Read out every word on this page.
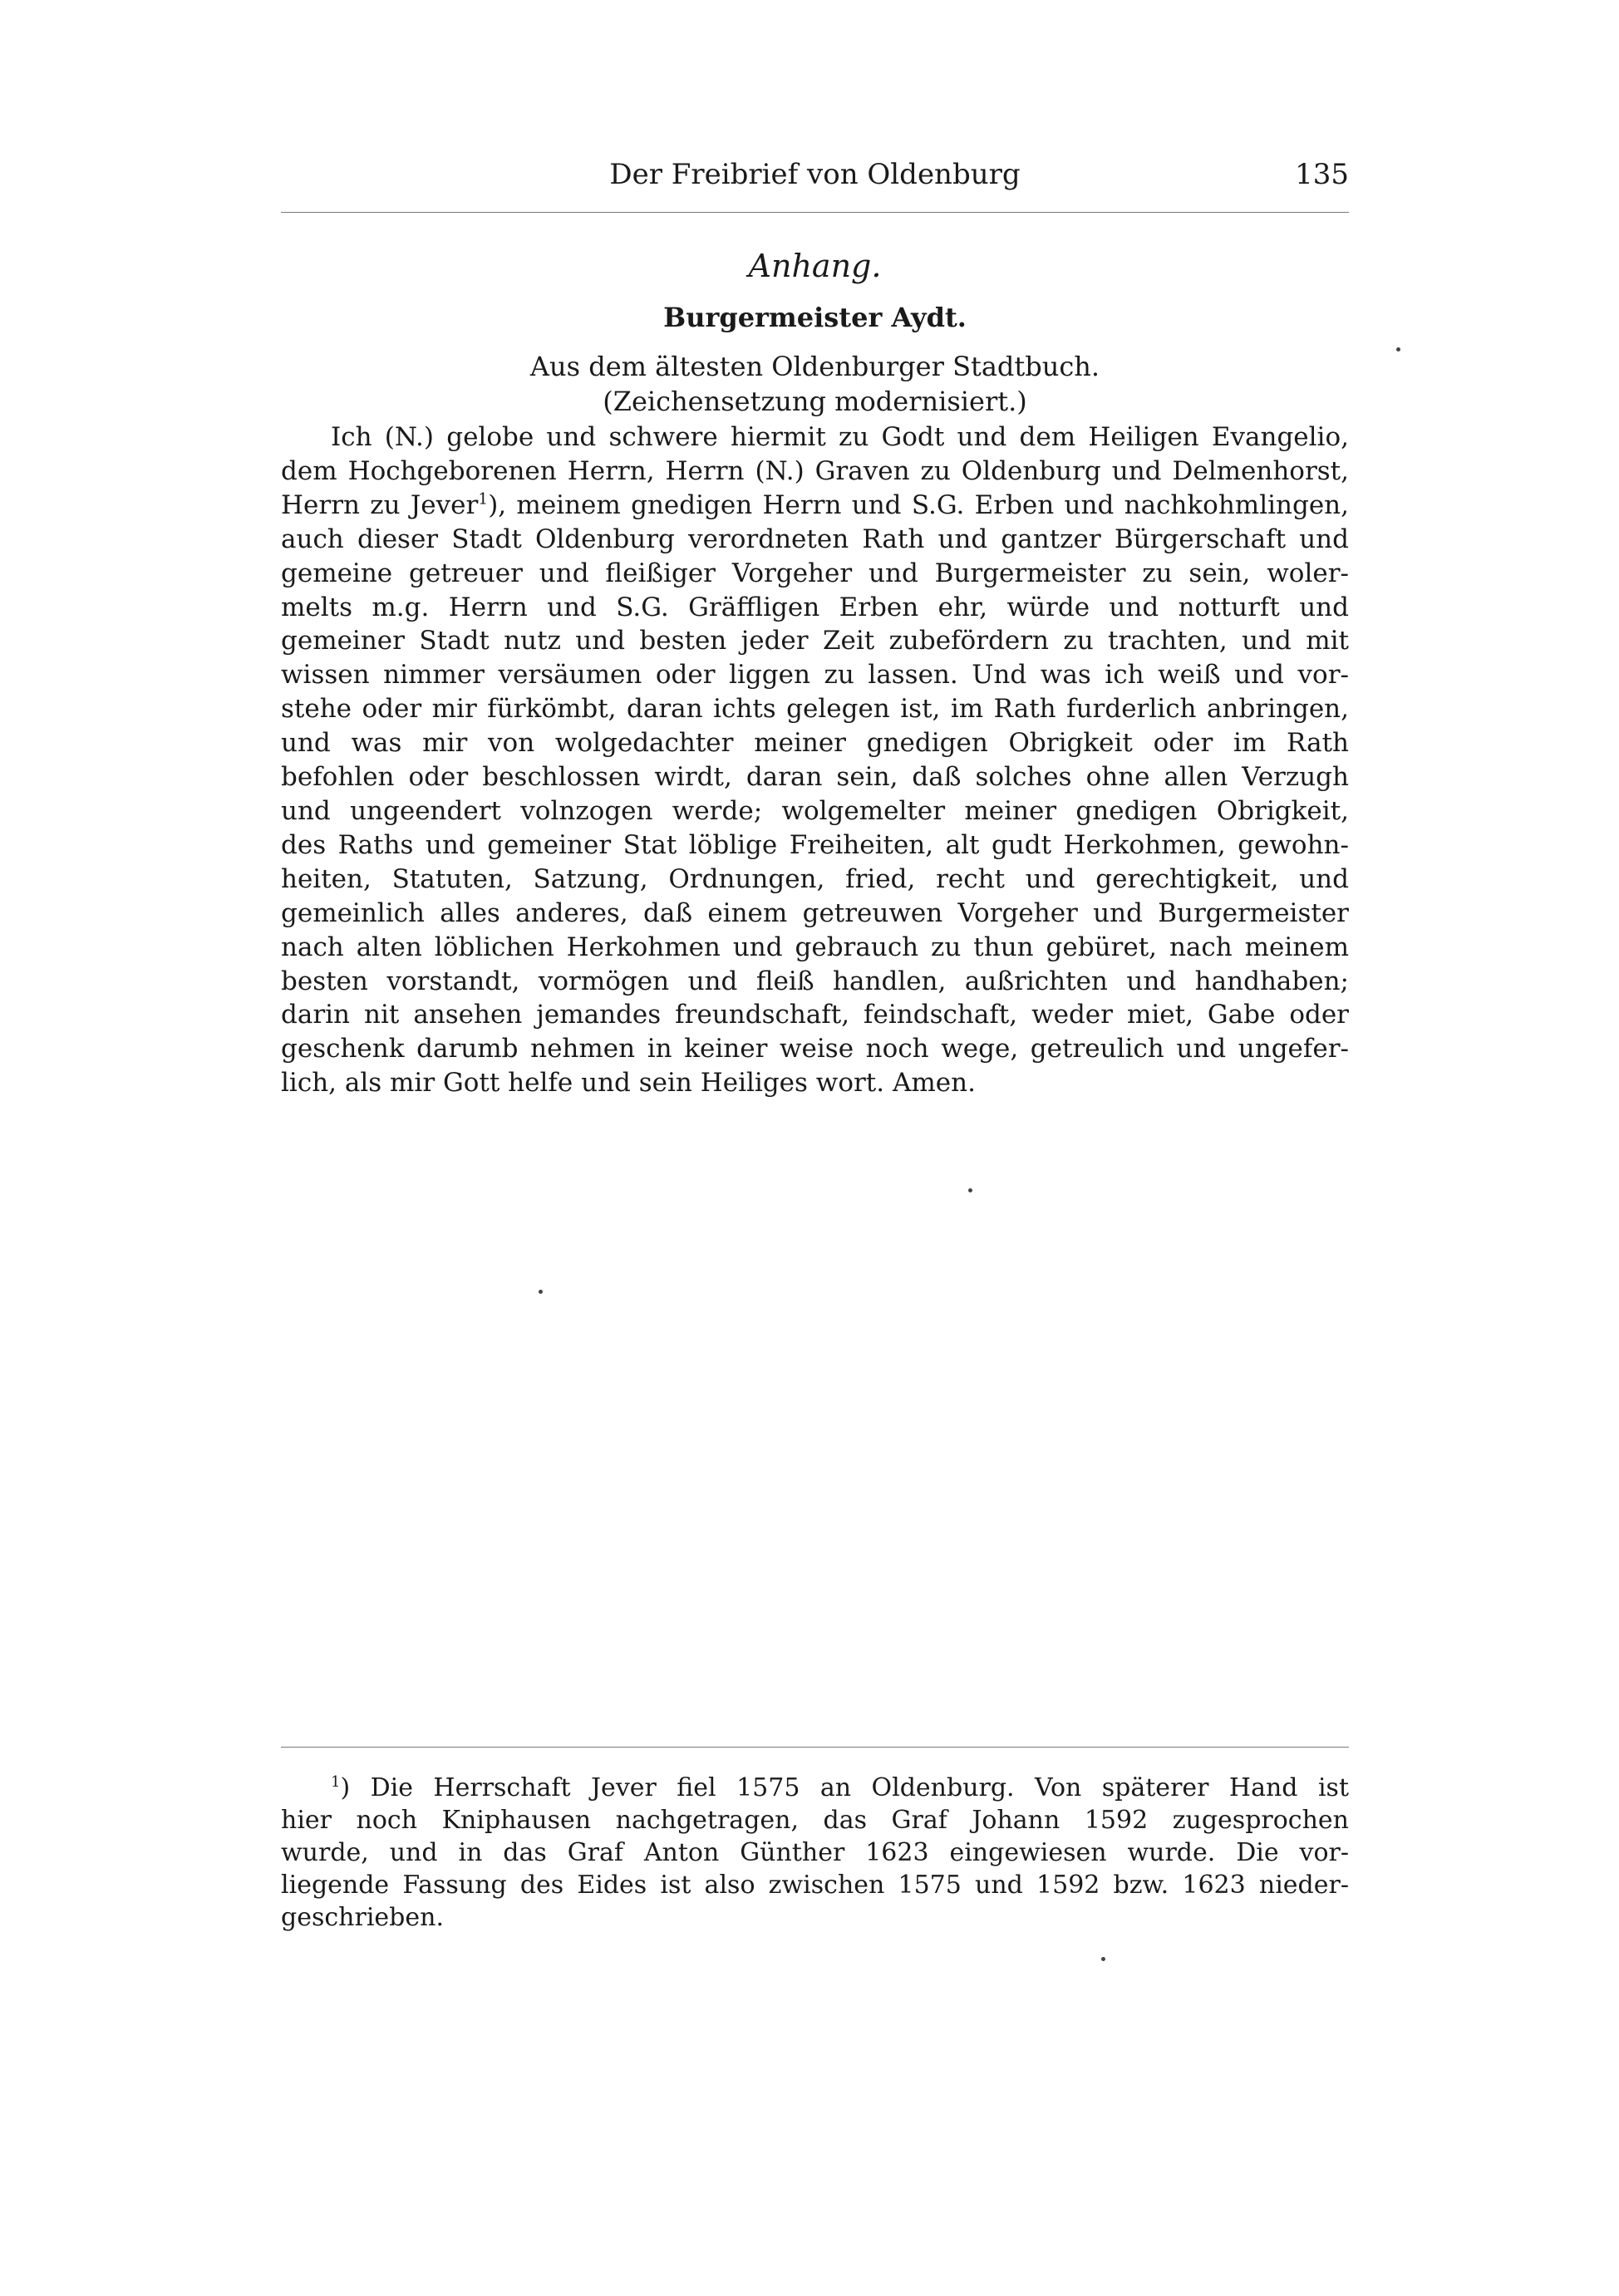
Der Freibrief von Oldenburg	135
Anhang.
Burgermeister Aydt.
Aus dem ältesten Oldenburger Stadtbuch.
(Zeichensetzung modernisiert.)
Ich (N.) gelobe und schwere hiermit zu Godt und dem Heiligen Evangelio,
dem Hochgeborenen Herrn, Herrn (N.) Graven zu Oldenburg und Delmenhorst,
Herrn zu Jever$^1$), meinem gnedigen Herrn und S.G. Erben und nachkohmlingen,
auch dieser Stadt Oldenburg verordneten Rath und gantzer Bürgerschaft und
gemeine getreuer und fleißiger Vorgeher und Burgermeister zu sein, woler-
melts m.g. Herrn und S.G. Gräffligen Erben ehr, würde und notturft und
gemeiner Stadt nutz und besten jeder Zeit zubefördern zu trachten, und mit
wissen nimmer versäumen oder liggen zu lassen. Und was ich weiß und vor-
stehe oder mir fürkömbt, daran ichts gelegen ist, im Rath furderlich anbringen,
und was mir von wolgedachter meiner gnedigen Obrigkeit oder im Rath
befohlen oder beschlossen wirdt, daran sein, daß solches ohne allen Verzugh
und ungeendert volnzogen werde; wolgemelter meiner gnedigen Obrigkeit,
des Raths und gemeiner Stat löblige Freiheiten, alt gudt Herkohmen, gewohn-
heiten, Statuten, Satzung, Ordnungen, fried, recht und gerechtigkeit, und
gemeinlich alles anderes, daß einem getreuwen Vorgeher und Burgermeister
nach alten löblichen Herkohmen und gebrauch zu thun gebüret, nach meinem
besten vorstandt, vormögen und fleiß handlen, außrichten und handhaben;
darin nit ansehen jemandes freundschaft, feindschaft, weder miet, Gabe oder
geschenk darumb nehmen in keiner weise noch wege, getreulich und ungefer-
lich, als mir Gott helfe und sein Heiliges wort. Amen.
$^1$) Die Herrschaft Jever fiel 1575 an Oldenburg. Von späterer Hand ist
hier noch Kniphausen nachgetragen, das Graf Johann 1592 zugesprochen
wurde, und in das Graf Anton Günther 1623 eingewiesen wurde. Die vor-
liegende Fassung des Eides ist also zwischen 1575 und 1592 bzw. 1623 nieder-
geschrieben.
